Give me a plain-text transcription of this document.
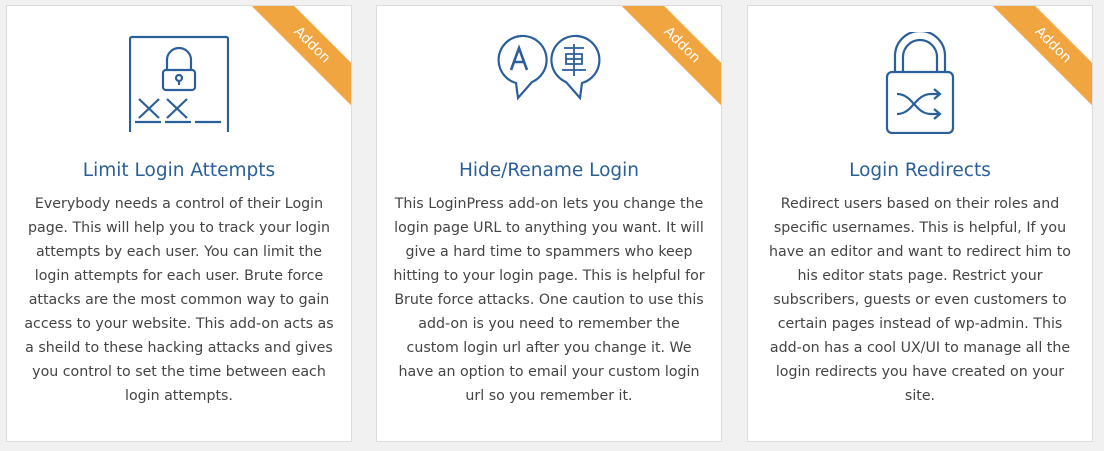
Addon
Limit Login Attempts
Everybody needs a control of their Login page. This will help you to track your login attempts by each user. You can limit the login attempts for each user. Brute force attacks are the most common way to gain access to your website. This add-on acts as a sheild to these hacking attacks and gives you control to set the time between each login attempts.
Addon
Hide/Rename Login
This LoginPress add-on lets you change the login page URL to anything you want. It will give a hard time to spammers who keep hitting to your login page. This is helpful for Brute force attacks. One caution to use this add-on is you need to remember the custom login url after you change it. We have an option to email your custom login url so you remember it.
Addon
Login Redirects
Redirect users based on their roles and specific usernames. This is helpful, If you have an editor and want to redirect him to his editor stats page. Restrict your subscribers, guests or even customers to certain pages instead of wp-admin. This add-on has a cool UX/UI to manage all the login redirects you have created on your site.
